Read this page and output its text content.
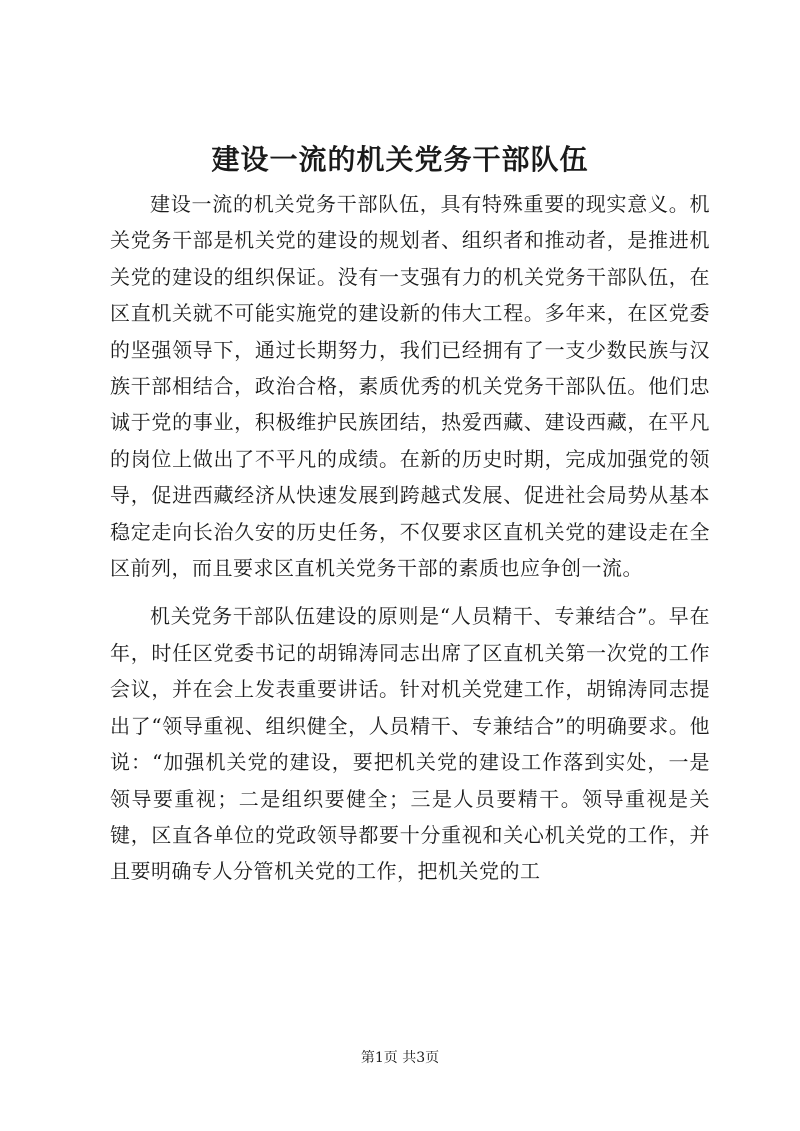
建设一流的机关党务干部队伍

建设一流的机关党务干部队伍，具有特殊重要的现实意义。机关党务干部是机关党的建设的规划者、组织者和推动者，是推进机关党的建设的组织保证。没有一支强有力的机关党务干部队伍，在区直机关就不可能实施党的建设新的伟大工程。多年来，在区党委的坚强领导下，通过长期努力，我们已经拥有了一支少数民族与汉族干部相结合，政治合格，素质优秀的机关党务干部队伍。他们忠诚于党的事业，积极维护民族团结，热爱西藏、建设西藏，在平凡的岗位上做出了不平凡的成绩。在新的历史时期，完成加强党的领导，促进西藏经济从快速发展到跨越式发展、促进社会局势从基本稳定走向长治久安的历史任务，不仅要求区直机关党的建设走在全区前列，而且要求区直机关党务干部的素质也应争创一流。

机关党务干部队伍建设的原则是“人员精干、专兼结合”。早在年，时任区党委书记的胡锦涛同志出席了区直机关第一次党的工作会议，并在会上发表重要讲话。针对机关党建工作，胡锦涛同志提出了“领导重视、组织健全，人员精干、专兼结合”的明确要求。他说：“加强机关党的建设，要把机关党的建设工作落到实处，一是领导要重视；二是组织要健全；三是人员要精干。领导重视是关键，区直各单位的党政领导都要十分重视和关心机关党的工作，并且要明确专人分管机关党的工作，把机关党的工

第1页 共3页
